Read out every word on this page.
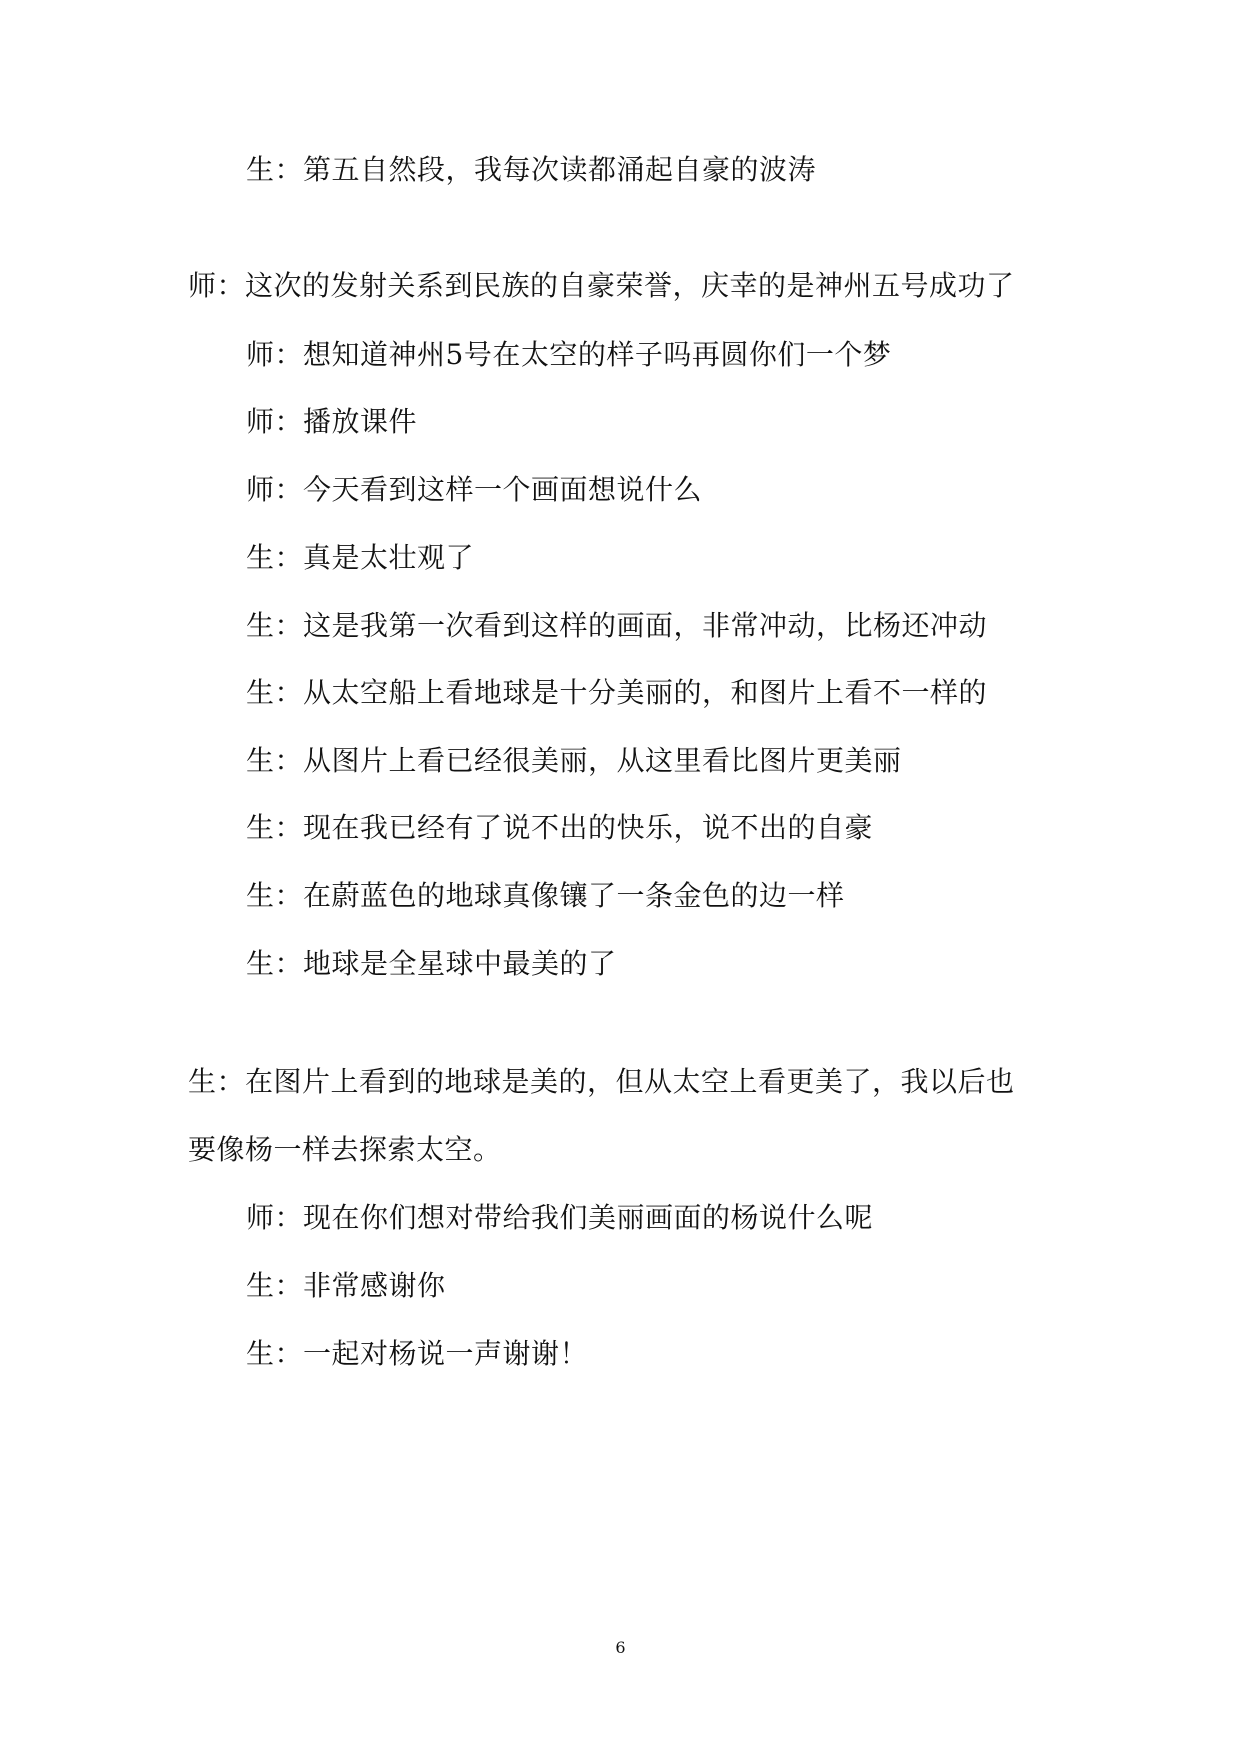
生：第五自然段，我每次读都涌起自豪的波涛
师：这次的发射关系到民族的自豪荣誉，庆幸的是神州五号成功了
师：想知道神州5号在太空的样子吗再圆你们一个梦
师：播放课件
师：今天看到这样一个画面想说什么
生：真是太壮观了
生：这是我第一次看到这样的画面，非常冲动，比杨还冲动
生：从太空船上看地球是十分美丽的，和图片上看不一样的
生：从图片上看已经很美丽，从这里看比图片更美丽
生：现在我已经有了说不出的快乐，说不出的自豪
生：在蔚蓝色的地球真像镶了一条金色的边一样
生：地球是全星球中最美的了
生：在图片上看到的地球是美的，但从太空上看更美了，我以后也
要像杨一样去探索太空。
师：现在你们想对带给我们美丽画面的杨说什么呢
生：非常感谢你
生：一起对杨说一声谢谢！
6
